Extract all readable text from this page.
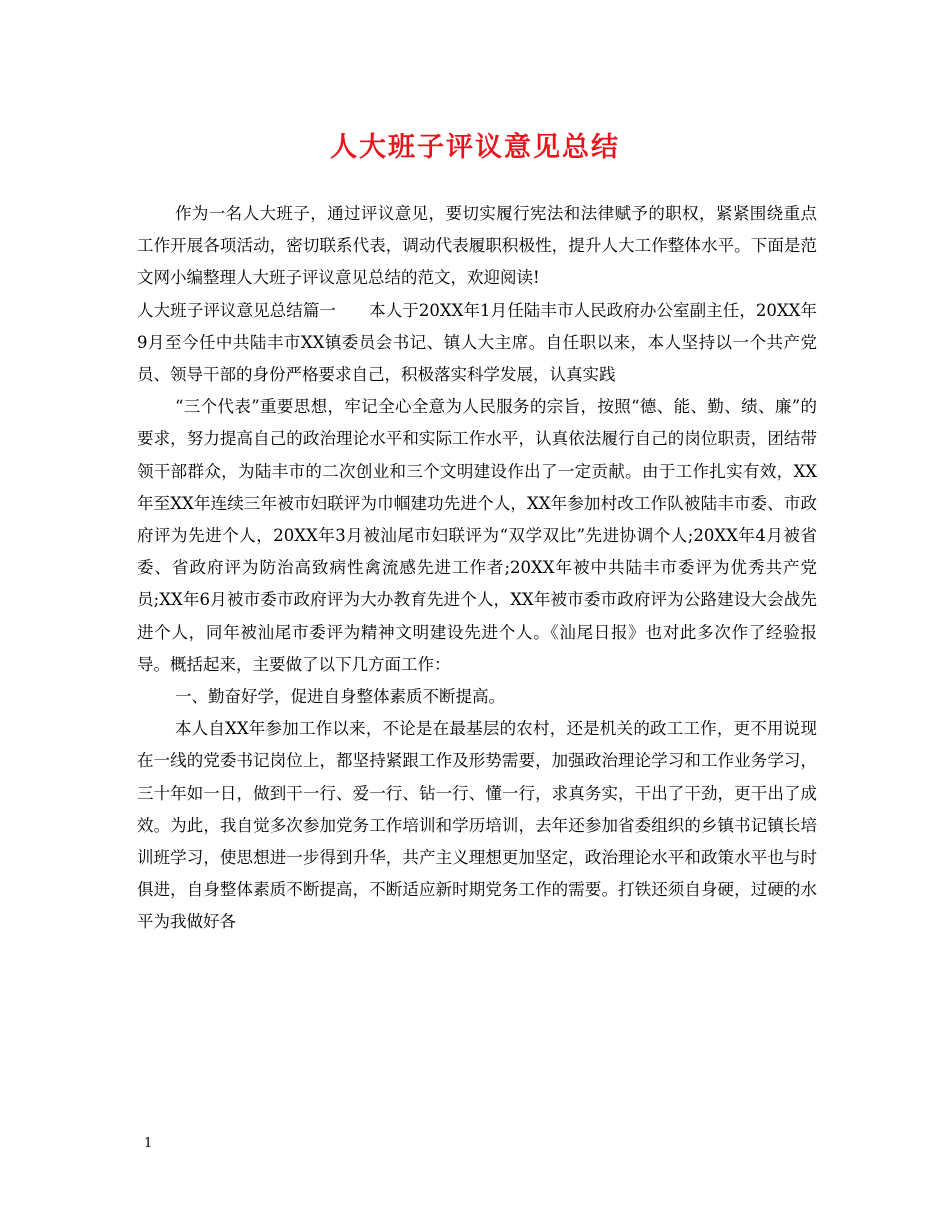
人大班子评议意见总结

作为一名人大班子，通过评议意见，要切实履行宪法和法律赋予的职权，紧紧围绕重点工作开展各项活动，密切联系代表，调动代表履职积极性，提升人大工作整体水平。下面是范文网小编整理人大班子评议意见总结的范文，欢迎阅读!

人大班子评议意见总结篇一　　本人于20XX年1月任陆丰市人民政府办公室副主任，20XX年9月至今任中共陆丰市XX镇委员会书记、镇人大主席。自任职以来，本人坚持以一个共产党员、领导干部的身份严格要求自己，积极落实科学发展，认真实践

“三个代表”重要思想，牢记全心全意为人民服务的宗旨，按照“德、能、勤、绩、廉”的要求，努力提高自己的政治理论水平和实际工作水平，认真依法履行自己的岗位职责，团结带领干部群众，为陆丰市的二次创业和三个文明建设作出了一定贡献。由于工作扎实有效，XX年至XX年连续三年被市妇联评为巾帼建功先进个人，XX年参加村改工作队被陆丰市委、市政府评为先进个人，20XX年3月被汕尾市妇联评为“双学双比”先进协调个人;20XX年4月被省委、省政府评为防治高致病性禽流感先进工作者;20XX年被中共陆丰市委评为优秀共产党员;XX年6月被市委市政府评为大办教育先进个人，XX年被市委市政府评为公路建设大会战先进个人，同年被汕尾市委评为精神文明建设先进个人。《汕尾日报》也对此多次作了经验报导。概括起来，主要做了以下几方面工作：

一、勤奋好学，促进自身整体素质不断提高。

本人自XX年参加工作以来，不论是在最基层的农村，还是机关的政工工作，更不用说现在一线的党委书记岗位上，都坚持紧跟工作及形势需要，加强政治理论学习和工作业务学习，三十年如一日，做到干一行、爱一行、钻一行、懂一行，求真务实，干出了干劲，更干出了成效。为此，我自觉多次参加党务工作培训和学历培训，去年还参加省委组织的乡镇书记镇长培训班学习，使思想进一步得到升华，共产主义理想更加坚定，政治理论水平和政策水平也与时俱进，自身整体素质不断提高，不断适应新时期党务工作的需要。打铁还须自身硬，过硬的水平为我做好各

1
